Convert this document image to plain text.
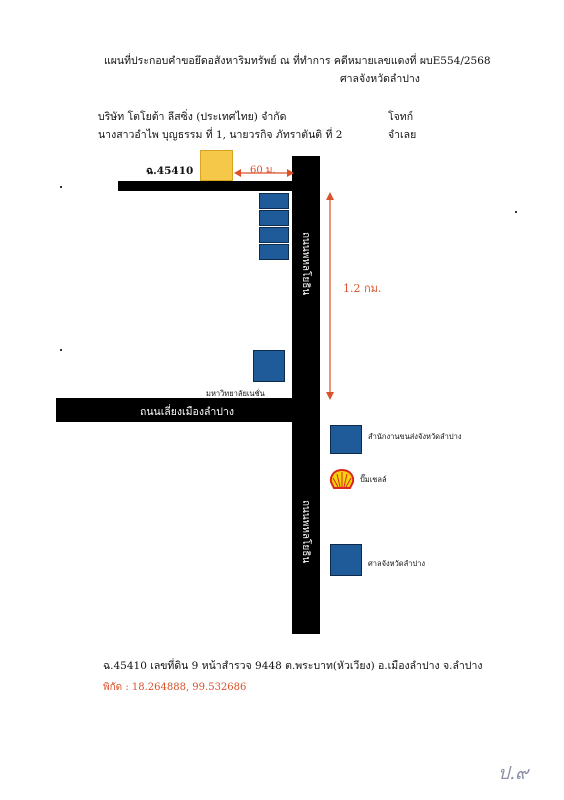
แผนที่ประกอบคำขอยึดอสังหาริมทรัพย์ ณ ที่ทำการ คดีหมายเลขแดงที่ ผบE554/2568
ศาลจังหวัดลำปาง
บริษัท โตโยต้า ลีสซิ่ง (ประเทศไทย) จำกัด	โจทก์
นางสาวอำไพ บุญธรรม ที่ 1, นายวรกิจ ภัทราตันติ ที่ 2	จำเลย
ถนนพหลโยธิน
ถนนพหลโยธิน
ถนนเลี่ยงเมืองลำปาง
ฉ.45410	60 ม.
1.2 กม.
มหาวิทยาลัยเนชั่น
สำนักงานขนส่งจังหวัดลำปาง
ปั๊มเชลล์
ศาลจังหวัดลำปาง
ฉ.45410 เลขที่ดิน 9 หน้าสำรวจ 9448 ต.พระบาท(หัวเวียง) อ.เมืองลำปาง จ.ลำปาง
พิกัด : 18.264888, 99.532686
ป.๙
